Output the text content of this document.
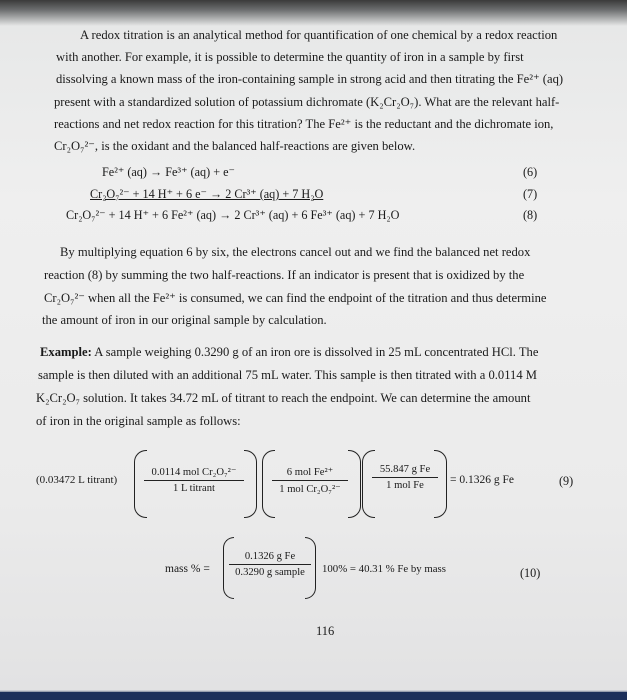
A redox titration is an analytical method for quantification of one chemical by a redox reaction
with another. For example, it is possible to determine the quantity of iron in a sample by first
dissolving a known mass of the iron-containing sample in strong acid and then titrating the Fe²⁺ (aq)
present with a standardized solution of potassium dichromate (K₂Cr₂O₇). What are the relevant half-
reactions and net redox reaction for this titration? The Fe²⁺ is the reductant and the dichromate ion,
Cr₂O₇²⁻, is the oxidant and the balanced half-reactions are given below.
Fe²⁺ (aq) → Fe³⁺ (aq) + e⁻	(6)
Cr₂O₇²⁻ + 14 H⁺ + 6 e⁻ → 2 Cr³⁺ (aq) + 7 H₂O	(7)
Cr₂O₇²⁻ + 14 H⁺ + 6 Fe²⁺ (aq) → 2 Cr³⁺ (aq) + 6 Fe³⁺ (aq) + 7 H₂O	(8)
By multiplying equation 6 by six, the electrons cancel out and we find the balanced net redox
reaction (8) by summing the two half-reactions. If an indicator is present that is oxidized by the
Cr₂O₇²⁻ when all the Fe²⁺ is consumed, we can find the endpoint of the titration and thus determine
the amount of iron in our original sample by calculation.
Example: A sample weighing 0.3290 g of an iron ore is dissolved in 25 mL concentrated HCl. The
sample is then diluted with an additional 75 mL water. This sample is then titrated with a 0.0114 M
K₂Cr₂O₇ solution. It takes 34.72 mL of titrant to reach the endpoint. We can determine the amount
of iron in the original sample as follows:
(0.03472 L titrant)
0.0114 mol Cr₂O₇²⁻
1 L titrant
6 mol Fe²⁺
1 mol Cr₂O₇²⁻
55.847 g Fe
1 mol Fe	= 0.1326 g Fe	(9)
mass % =
0.1326 g Fe
0.3290 g sample	100% = 40.31 % Fe by mass	(10)
116
